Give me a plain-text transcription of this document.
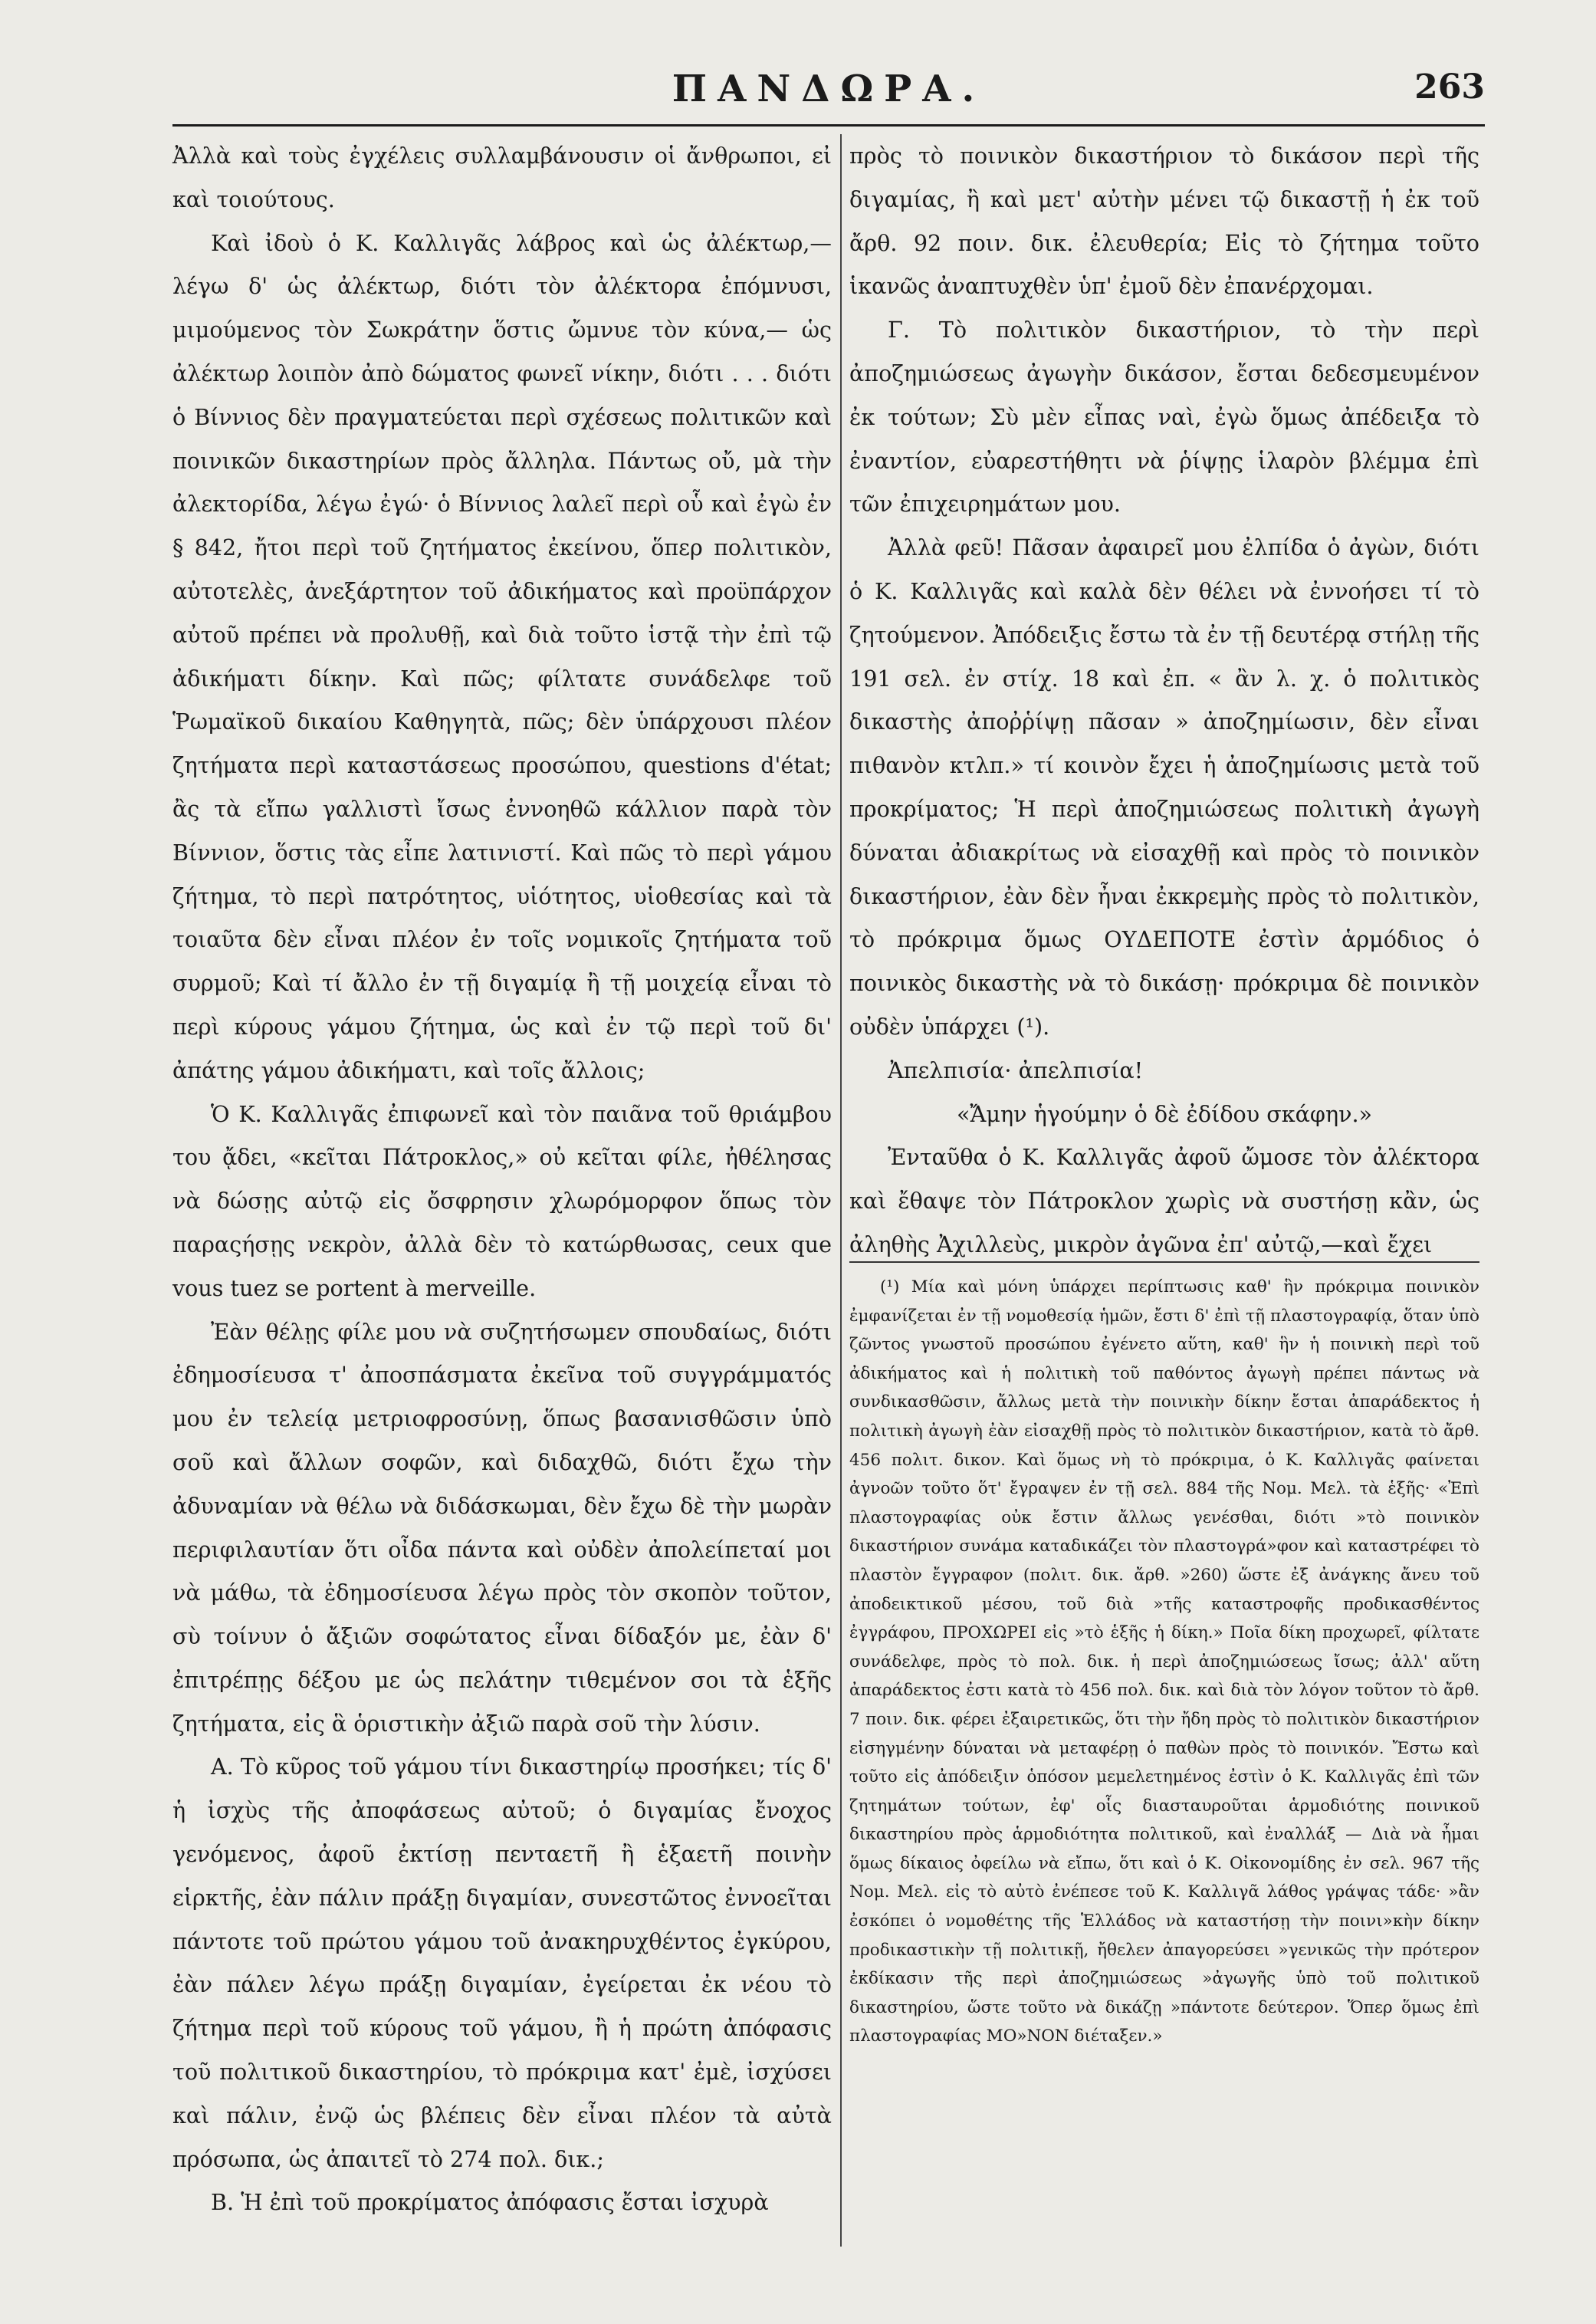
ΠΑΝΔΩΡΑ.	263

Ἀλλὰ καὶ τοὺς ἐγχέλεις συλλαμβάνουσιν οἱ ἄνθρωποι, εἰ καὶ τοιούτους.

Καὶ ἰδοὺ ὁ Κ. Καλλιγᾶς λάβρος καὶ ὡς ἀλέκτωρ,— λέγω δ' ὡς ἀλέκτωρ, διότι τὸν ἀλέκτορα ἐπόμνυσι, μιμούμενος τὸν Σωκράτην ὅστις ὤμνυε τὸν κύνα,— ὡς ἀλέκτωρ λοιπὸν ἀπὸ δώματος φωνεῖ νίκην, διότι . . . διότι ὁ Βίννιος δὲν πραγματεύεται περὶ σχέσεως πολιτικῶν καὶ ποινικῶν δικαστηρίων πρὸς ἄλληλα. Πάντως οὔ, μὰ τὴν ἀλεκτορίδα, λέγω ἐγώ· ὁ Βίννιος λαλεῖ περὶ οὗ καὶ ἐγὼ ἐν § 842, ἤτοι περὶ τοῦ ζητήματος ἐκείνου, ὅπερ πολιτικὸν, αὐτοτελὲς, ἀνεξάρτητον τοῦ ἀδικήματος καὶ προϋπάρχον αὐτοῦ πρέπει νὰ προλυθῇ, καὶ διὰ τοῦτο ἱστᾷ τὴν ἐπὶ τῷ ἀδικήματι δίκην. Καὶ πῶς; φίλτατε συνάδελφε τοῦ Ῥωμαϊκοῦ δικαίου Καθηγητὰ, πῶς; δὲν ὑπάρχουσι πλέον ζητήματα περὶ καταστάσεως προσώπου, questions d'état; ἂς τὰ εἴπω γαλλιστὶ ἴσως ἐννοηθῶ κάλλιον παρὰ τὸν Βίννιον, ὅστις τὰς εἶπε λατινιστί. Καὶ πῶς τὸ περὶ γάμου ζήτημα, τὸ περὶ πατρότητος, υἱότητος, υἱοθεσίας καὶ τὰ τοιαῦτα δὲν εἶναι πλέον ἐν τοῖς νομικοῖς ζητήματα τοῦ συρμοῦ; Καὶ τί ἄλλο ἐν τῇ διγαμίᾳ ἢ τῇ μοιχείᾳ εἶναι τὸ περὶ κύρους γάμου ζήτημα, ὡς καὶ ἐν τῷ περὶ τοῦ δι' ἀπάτης γάμου ἀδικήματι, καὶ τοῖς ἄλλοις;

Ὁ Κ. Καλλιγᾶς ἐπιφωνεῖ καὶ τὸν παιᾶνα τοῦ θριάμβου του ᾄδει, «κεῖται Πάτροκλος,» οὐ κεῖται φίλε, ἠθέλησας νὰ δώσῃς αὐτῷ εἰς ὄσφρησιν χλωρόμορφον ὅπως τὸν παραςήσῃς νεκρὸν, ἀλλὰ δὲν τὸ κατώρθωσας, ceux que vous tuez se portent à merveille.

Ἐὰν θέλῃς φίλε μου νὰ συζητήσωμεν σπουδαίως, διότι ἐδημοσίευσα τ' ἀποσπάσματα ἐκεῖνα τοῦ συγγράμματός μου ἐν τελείᾳ μετριοφροσύνῃ, ὅπως βασανισθῶσιν ὑπὸ σοῦ καὶ ἄλλων σοφῶν, καὶ διδαχθῶ, διότι ἔχω τὴν ἀδυναμίαν νὰ θέλω νὰ διδάσκωμαι, δὲν ἔχω δὲ τὴν μωρὰν περιφιλαυτίαν ὅτι οἶδα πάντα καὶ οὐδὲν ἀπολείπεταί μοι νὰ μάθω, τὰ ἐδημοσίευσα λέγω πρὸς τὸν σκοπὸν τοῦτον, σὺ τοίνυν ὁ ἄξιῶν σοφώτατος εἶναι δίδαξόν με, ἐὰν δ' ἐπιτρέπῃς δέξου με ὡς πελάτην τιθεμένον σοι τὰ ἑξῆς ζητήματα, εἰς ἃ ὁριστικὴν ἀξιῶ παρὰ σοῦ τὴν λύσιν.

Α. Τὸ κῦρος τοῦ γάμου τίνι δικαστηρίῳ προσήκει; τίς δ' ἡ ἰσχὺς τῆς ἀποφάσεως αὐτοῦ; ὁ διγαμίας ἔνοχος γενόμενος, ἀφοῦ ἐκτίσῃ πενταετῆ ἢ ἑξαετῆ ποινὴν εἱρκτῆς, ἐὰν πάλιν πράξῃ διγαμίαν, συνεστῶτος ἐννοεῖται πάντοτε τοῦ πρώτου γάμου τοῦ ἀνακηρυχθέντος ἐγκύρου, ἐὰν πάλεν λέγω πράξῃ διγαμίαν, ἐγείρεται ἐκ νέου τὸ ζήτημα περὶ τοῦ κύρους τοῦ γάμου, ἢ ἡ πρώτη ἀπόφασις τοῦ πολιτικοῦ δικαστηρίου, τὸ πρόκριμα κατ' ἐμὲ, ἰσχύσει καὶ πάλιν, ἐνῷ ὡς βλέπεις δὲν εἶναι πλέον τὰ αὐτὰ πρόσωπα, ὡς ἀπαιτεῖ τὸ 274 πολ. δικ.;

Β. Ἡ ἐπὶ τοῦ προκρίματος ἀπόφασις ἔσται ἰσχυρὰ

πρὸς τὸ ποινικὸν δικαστήριον τὸ δικάσον περὶ τῆς διγαμίας, ἢ καὶ μετ' αὐτὴν μένει τῷ δικαστῇ ἡ ἐκ τοῦ ἄρθ. 92 ποιν. δικ. ἐλευθερία; Εἰς τὸ ζήτημα τοῦτο ἱκανῶς ἀναπτυχθὲν ὑπ' ἐμοῦ δὲν ἐπανέρχομαι.

Γ. Τὸ πολιτικὸν δικαστήριον, τὸ τὴν περὶ ἀποζημιώσεως ἀγωγὴν δικάσον, ἔσται δεδεσμευμένον ἐκ τούτων; Σὺ μὲν εἶπας ναὶ, ἐγὼ ὅμως ἀπέδειξα τὸ ἐναντίον, εὐαρεστήθητι νὰ ῥίψῃς ἱλαρὸν βλέμμα ἐπὶ τῶν ἐπιχειρημάτων μου.

Ἀλλὰ φεῦ! Πᾶσαν ἀφαιρεῖ μου ἐλπίδα ὁ ἀγὼν, διότι ὁ Κ. Καλλιγᾶς καὶ καλὰ δὲν θέλει νὰ ἐννοήσει τί τὸ ζητούμενον. Ἀπόδειξις ἔστω τὰ ἐν τῇ δευτέρᾳ στήλῃ τῆς 191 σελ. ἐν στίχ. 18 καὶ ἐπ. « ἂν λ. χ. ὁ πολιτικὸς δικαστὴς ἀποῤῥίψῃ πᾶσαν » ἀποζημίωσιν, δὲν εἶναι πιθανὸν κτλπ.» τί κοινὸν ἔχει ἡ ἀποζημίωσις μετὰ τοῦ προκρίματος; Ἡ περὶ ἀποζημιώσεως πολιτικὴ ἀγωγὴ δύναται ἀδιακρίτως νὰ εἰσαχθῇ καὶ πρὸς τὸ ποινικὸν δικαστήριον, ἐὰν δὲν ἦναι ἐκκρεμὴς πρὸς τὸ πολιτικὸν, τὸ πρόκριμα ὅμως ΟΥΔΕΠΟΤΕ ἐστὶν ἁρμόδιος ὁ ποινικὸς δικαστὴς νὰ τὸ δικάσῃ· πρόκριμα δὲ ποινικὸν οὐδὲν ὑπάρχει (¹).

Ἀπελπισία· ἀπελπισία!

«Ἄμην ἡγούμην ὁ δὲ ἐδίδου σκάφην.»

Ἐνταῦθα ὁ Κ. Καλλιγᾶς ἀφοῦ ὤμοσε τὸν ἀλέκτορα καὶ ἔθαψε τὸν Πάτροκλον χωρὶς νὰ συστήσῃ κἂν, ὡς ἀληθὴς Ἀχιλλεὺς, μικρὸν ἀγῶνα ἐπ' αὐτῷ,—καὶ ἔχει

(¹) Μία καὶ μόνη ὑπάρχει περίπτωσις καθ' ἣν πρόκριμα ποινικὸν ἐμφανίζεται ἐν τῇ νομοθεσίᾳ ἡμῶν, ἔστι δ' ἐπὶ τῇ πλαστογραφίᾳ, ὅταν ὑπὸ ζῶντος γνωστοῦ προσώπου ἐγένετο αὕτη, καθ' ἣν ἡ ποινικὴ περὶ τοῦ ἀδικήματος καὶ ἡ πολιτικὴ τοῦ παθόντος ἀγωγὴ πρέπει πάντως νὰ συνδικασθῶσιν, ἄλλως μετὰ τὴν ποινικὴν δίκην ἔσται ἀπαράδεκτος ἡ πολιτικὴ ἀγωγὴ ἐὰν εἰσαχθῇ πρὸς τὸ πολιτικὸν δικαστήριον, κατὰ τὸ ἄρθ. 456 πολιτ. δικον. Καὶ ὅμως νὴ τὸ πρόκριμα, ὁ Κ. Καλλιγᾶς φαίνεται ἀγνοῶν τοῦτο ὅτ' ἔγραψεν ἐν τῇ σελ. 884 τῆς Νομ. Μελ. τὰ ἑξῆς· «Ἐπὶ πλαστογραφίας οὐκ ἔστιν ἄλλως γενέσθαι, διότι »τὸ ποινικὸν δικαστήριον συνάμα καταδικάζει τὸν πλαστογρά»φον καὶ καταστρέφει τὸ πλαστὸν ἔγγραφον (πολιτ. δικ. ἄρθ. »260) ὥστε ἐξ ἀνάγκης ἄνευ τοῦ ἀποδεικτικοῦ μέσου, τοῦ διὰ »τῆς καταστροφῆς προδικασθέντος ἐγγράφου, ΠΡΟΧΩΡΕΙ εἰς »τὸ ἑξῆς ἡ δίκη.» Ποῖα δίκη προχωρεῖ, φίλτατε συνάδελφε, πρὸς τὸ πολ. δικ. ἡ περὶ ἀποζημιώσεως ἴσως; ἀλλ' αὕτη ἀπαράδεκτος ἐστι κατὰ τὸ 456 πολ. δικ. καὶ διὰ τὸν λόγον τοῦτον τὸ ἄρθ. 7 ποιν. δικ. φέρει ἐξαιρετικῶς, ὅτι τὴν ἤδη πρὸς τὸ πολιτικὸν δικαστήριον εἰσηγμένην δύναται νὰ μεταφέρῃ ὁ παθὼν πρὸς τὸ ποινικόν. Ἔστω καὶ τοῦτο εἰς ἀπόδειξιν ὁπόσον μεμελετημένος ἐστὶν ὁ Κ. Καλλιγᾶς ἐπὶ τῶν ζητημάτων τούτων, ἐφ' οἷς διασταυροῦται ἁρμοδιότης ποινικοῦ δικαστηρίου πρὸς ἁρμοδιότητα πολιτικοῦ, καὶ ἐναλλάξ — Διὰ νὰ ἦμαι ὅμως δίκαιος ὀφείλω νὰ εἴπω, ὅτι καὶ ὁ Κ. Οἰκονομίδης ἐν σελ. 967 τῆς Νομ. Μελ. εἰς τὸ αὐτὸ ἐνέπεσε τοῦ Κ. Καλλιγᾶ λάθος γράψας τάδε· »ἂν ἐσκόπει ὁ νομοθέτης τῆς Ἑλλάδος νὰ καταστήσῃ τὴν ποινι»κὴν δίκην προδικαστικὴν τῇ πολιτικῇ, ἤθελεν ἀπαγορεύσει »γενικῶς τὴν πρότερον ἐκδίκασιν τῆς περὶ ἀποζημιώσεως »ἀγωγῆς ὑπὸ τοῦ πολιτικοῦ δικαστηρίου, ὥστε τοῦτο νὰ δικάζῃ »πάντοτε δεύτερον. Ὅπερ ὅμως ἐπὶ πλαστογραφίας ΜΟ»ΝΟΝ διέταξεν.»
